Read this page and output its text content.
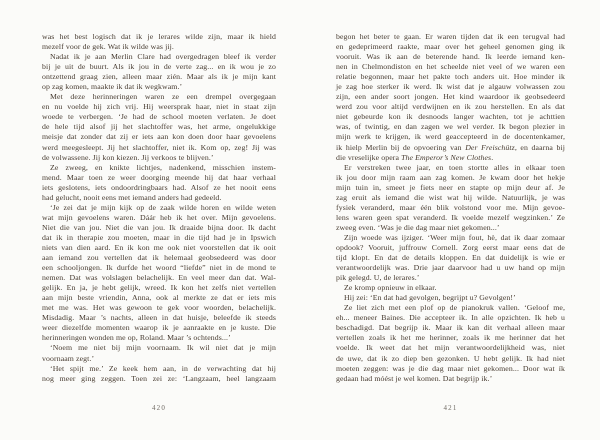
was het best logisch dat ik je lerares wilde zijn, maar ik hield
mezelf voor de gek. Wat ik wilde was jij.
Nadat ik je aan Merlin Clare had overgedragen bleef ik verder
bij je uit de buurt. Als ik jou in de verte zag... en ik wou je zo
ontzettend graag zien, alleen maar zién. Maar als ik je mijn kant
op zag komen, maakte ik dat ik wegkwam.’
Met deze herinneringen waren ze een drempel overgegaan
en nu voelde hij zich vrij. Hij weersprak haar, niet in staat zijn
woede te verbergen. ‘Je had de school moeten verlaten. Je doet
de hele tijd alsof jij het slachtoffer was, het arme, ongelukkige
meisje dat zonder dat zij er iets aan kon doen door haar gevoelens
werd meegesleept. Jij het slachtoffer, niet ik. Kom op, zeg! Jij was
de volwassene. Jij kon kiezen. Jij verkoos te blijven.’
Ze zweeg, en knikte lichtjes, nadenkend, misschien instem-
mend. Maar toen ze weer doorging meende hij dat haar verhaal
iets geslotens, iets ondoordringbaars had. Alsof ze het nooit eens
had gelucht, nooit eens met iemand anders had gedeeld.
‘Je zei dat je mijn kijk op de zaak wilde horen en wilde weten
wat mijn gevoelens waren. Dáár heb ik het over. Mijn gevoelens.
Niet die van jou. Niet die van jou. Ik draaide bijna door. Ik dacht
dat ik in therapie zou moeten, maar in die tijd had je in Ipswich
niets van dien aard. En ik kon me ook niet voorstellen dat ik ooit
aan iemand zou vertellen dat ik helemaal geobsedeerd was door
een schooljongen. Ik durfde het woord “liefde” niet in de mond te
nemen. Dat was volslagen belachelijk. En veel meer dan dat. Wal-
gelijk. En ja, je hebt gelijk, wreed. Ik kon het zelfs niet vertellen
aan mijn beste vriendin, Anna, ook al merkte ze dat er iets mis
met me was. Het was gewoon te gek voor woorden, belachelijk.
Misdadig. Maar ’s nachts, alleen in dat huisje, beleefde ik steeds
weer diezelfde momenten waarop ik je aanraakte en je kuste. Die
herinneringen wonden me op, Roland. Maar ’s ochtends...’
‘Noem me niet bij mijn voornaam. Ik wil niet dat je mijn
voornaam zegt.’
‘Het spijt me.’ Ze keek hem aan, in de verwachting dat hij
nog meer ging zeggen. Toen zei ze: ‘Langzaam, heel langzaam
420
begon het beter te gaan. Er waren tijden dat ik een terugval had
en gedeprimeerd raakte, maar over het geheel genomen ging ik
vooruit. Was ik aan de beterende hand. Ik leerde iemand ken-
nen in Chelmondiston en het scheelde niet veel of we waren een
relatie begonnen, maar het pakte toch anders uit. Hoe minder ik
je zag hoe sterker ik werd. Ik wist dat je algauw volwassen zou
zijn, een ander soort jongen. Het kind waardoor ik geobsedeerd
werd zou voor altijd verdwijnen en ik zou herstellen. En als dat
niet gebeurde kon ik desnoods langer wachten, tot je achttien
was, of twintig, en dan zagen we wel verder. Ik begon plezier in
mijn werk te krijgen, ik werd geaccepteerd in de docentenkamer,
ik hielp Merlin bij de opvoering van Der Freischütz, en daarna bij
die vreselijke opera The Emperor’s New Clothes.
Er verstreken twee jaar, en toen stortte alles in elkaar toen
ik jou door mijn raam aan zag komen. Je kwam door het hekje
mijn tuin in, smeet je fiets neer en stapte op mijn deur af. Je
zag eruit als iemand die wist wat hij wilde. Natuurlijk, je was
fysiek veranderd, maar één blik volstond voor me. Mijn gevoe-
lens waren geen spat veranderd. Ik voelde mezelf wegzinken.’ Ze
zweeg even. ‘Was je die dag maar niet gekomen...’
Zijn woede was ijziger. ‘Weer mijn fout, hè, dat ik daar zomaar
opdook? Vooruit, juffrouw Cornell. Zorg eerst maar eens dat de
tijd klopt. En dat de details kloppen. En dat duidelijk is wie er
verantwoordelijk was. Drie jaar daarvoor had u uw hand op mijn
pik gelegd. U, de lerares.’
Ze kromp opnieuw in elkaar.
Hij zei: ‘En dat had gevolgen, begrijpt u? Gevolgen!’
Ze liet zich met een plof op de pianokruk vallen. ‘Geloof me,
eh... meneer Baines. Die accepteer ik. In alle opzichten. Ik heb u
beschadigd. Dat begrijp ik. Maar ik kan dit verhaal alleen maar
vertellen zoals ik het me herinner, zoals ik me herinner dat het
voelde. Ik weet dat het mijn verantwoordelijkheid was, niet
de uwe, dat ik zo diep ben gezonken. U hebt gelijk. Ik had niet
moeten zeggen: was je die dag maar niet gekomen... Door wat ík
gedaan had móést je wel komen. Dat begrijp ik.’
421
